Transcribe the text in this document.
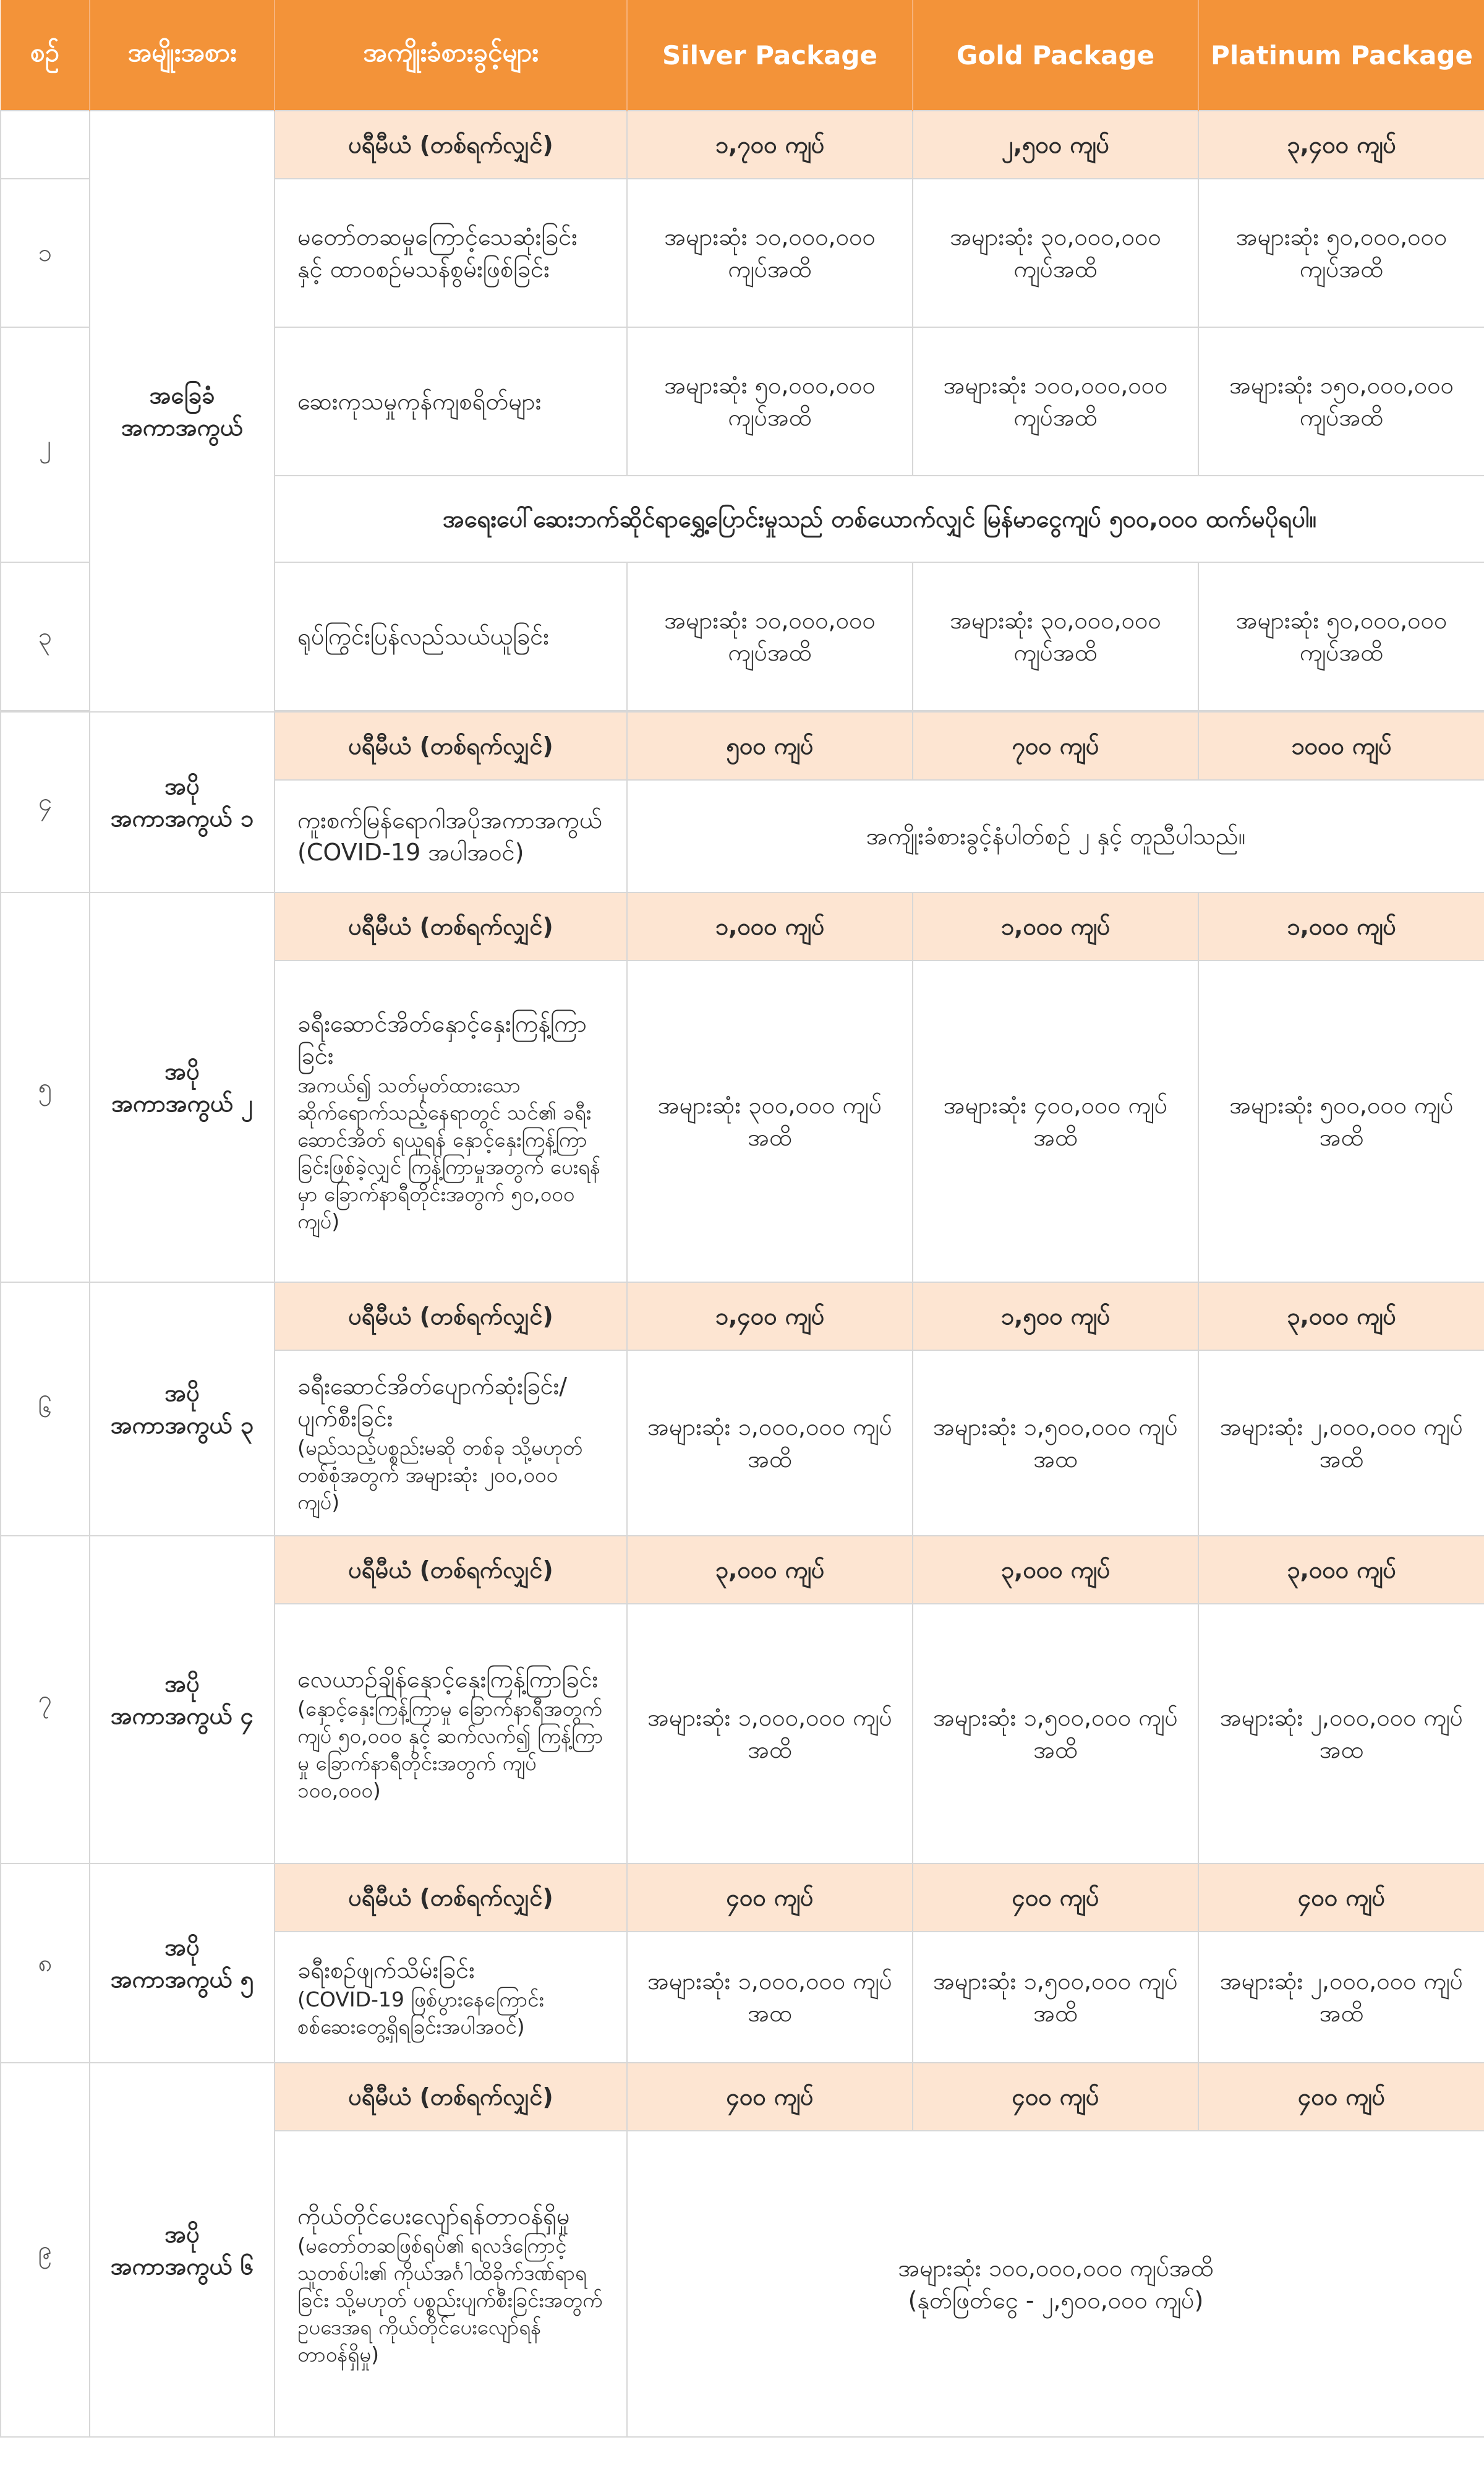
စဉ်	အမျိုးအစား	အကျိုးခံစားခွင့်များ	Silver Package	Gold Package	Platinum Package
	အခြေခံအကာအကွယ်	ပရီမီယံ (တစ်ရက်လျှင်)	၁,၇၀၀ ကျပ်	၂,၅၀၀ ကျပ်	၃,၄၀၀ ကျပ်
၁		မတော်တဆမှုကြောင့်သေဆုံးခြင်း နှင့် ထာဝစဉ်မသန်စွမ်းဖြစ်ခြင်း	အများဆုံး ၁၀,၀၀၀,၀၀၀ ကျပ်အထိ	အများဆုံး ၃၀,၀၀၀,၀၀၀ ကျပ်အထိ	အများဆုံး ၅၀,၀၀၀,၀၀၀ ကျပ်အထိ
၂		ဆေးကုသမှုကုန်ကျစရိတ်များ	အများဆုံး ၅၀,၀၀၀,၀၀၀ ကျပ်အထိ	အများဆုံး ၁၀၀,၀၀၀,၀၀၀ ကျပ်အထိ	အများဆုံး ၁၅၀,၀၀၀,၀၀၀ ကျပ်အထိ
		အရေးပေါ်ဆေးဘက်ဆိုင်ရာရွှေ့ပြောင်းမှုသည် တစ်ယောက်လျှင် မြန်မာငွေကျပ် ၅၀၀,၀၀၀ ထက်မပိုရပါ။			
၃		ရုပ်ကြွင်းပြန်လည်သယ်ယူခြင်း	အများဆုံး ၁၀,၀၀၀,၀၀၀ ကျပ်အထိ	အများဆုံး ၃၀,၀၀၀,၀၀၀ ကျပ်အထိ	အများဆုံး ၅၀,၀၀၀,၀၀၀ ကျပ်အထိ

၄	အပိုအကာအကွယ် ၁	ပရီမီယံ (တစ်ရက်လျှင်)	၅၀၀ ကျပ်	၇၀၀ ကျပ်	၁၀၀၀ ကျပ်
		ကူးစက်မြန်ရောဂါအပိုအကာအကွယ် (COVID-19 အပါအဝင်)	အကျိုးခံစားခွင့်နံပါတ်စဉ် ၂ နှင့် တူညီပါသည်။		
၅	အပိုအကာအကွယ် ၂	ပရီမီယံ (တစ်ရက်လျှင်)	၁,၀၀၀ ကျပ်	၁,၀၀၀ ကျပ်	၁,၀၀၀ ကျပ်
		ခရီးဆောင်အိတ်နှောင့်နှေးကြန့်ကြာခြင်း
အကယ်၍ သတ်မှတ်ထားသော ဆိုက်ရောက်သည့်နေရာတွင် သင်၏ ခရီးဆောင်အိတ် ရယူရန် နှောင့်နှေးကြန့်ကြာခြင်းဖြစ်ခဲ့လျှင် ကြန့်ကြာမှုအတွက် ပေးရန်မှာ ခြောက်နာရီတိုင်းအတွက် ၅၀,၀၀၀ ကျပ်)	အများဆုံး ၃၀၀,၀၀၀ ကျပ်အထိ	အများဆုံး ၄၀၀,၀၀၀ ကျပ်အထိ	အများဆုံး ၅၀၀,၀၀၀ ကျပ်အထိ
၆	အပိုအကာအကွယ် ၃	ပရီမီယံ (တစ်ရက်လျှင်)	၁,၄၀၀ ကျပ်	၁,၅၀၀ ကျပ်	၃,၀၀၀ ကျပ်
		ခရီးဆောင်အိတ်ပျောက်ဆုံးခြင်း/ပျက်စီးခြင်း
(မည်သည့်ပစ္စည်းမဆို တစ်ခု သို့မဟုတ် တစ်စုံအတွက် အများဆုံး ၂၀၀,၀၀၀ ကျပ်)	အများဆုံး ၁,၀၀၀,၀၀၀ ကျပ်အထိ	အများဆုံး ၁,၅၀၀,၀၀၀ ကျပ်အထ	အများဆုံး ၂,၀၀၀,၀၀၀ ကျပ်အထိ
၇	အပိုအကာအကွယ် ၄	ပရီမီယံ (တစ်ရက်လျှင်)	၃,၀၀၀ ကျပ်	၃,၀၀၀ ကျပ်	၃,၀၀၀ ကျပ်
		လေယာဉ်ချိန်နှောင့်နှေးကြန့်ကြာခြင်း
(နှောင့်နှေးကြန့်ကြာမှု ခြောက်နာရီအတွက် ကျပ် ၅၀,၀၀၀ နှင့် ဆက်လက်၍ ကြန့်ကြာမှု ခြောက်နာရီတိုင်းအတွက် ကျပ် ၁၀၀,၀၀၀)	အများဆုံး ၁,၀၀၀,၀၀၀ ကျပ်အထိ	အများဆုံး ၁,၅၀၀,၀၀၀ ကျပ်အထိ	အများဆုံး ၂,၀၀၀,၀၀၀ ကျပ်အထ
၈	အပိုအကာအကွယ် ၅	ပရီမီယံ (တစ်ရက်လျှင်)	၄၀၀ ကျပ်	၄၀၀ ကျပ်	၄၀၀ ကျပ်
		ခရီးစဉ်ဖျက်သိမ်းခြင်း
(COVID-19 ဖြစ်ပွားနေကြောင်း စစ်ဆေးတွေ့ရှိရခြင်းအပါအဝင်)	အများဆုံး ၁,၀၀၀,၀၀၀ ကျပ်အထ	အများဆုံး ၁,၅၀၀,၀၀၀ ကျပ်အထိ	အများဆုံး ၂,၀၀၀,၀၀၀ ကျပ်အထိ
၉	အပိုအကာအကွယ် ၆	ပရီမီယံ (တစ်ရက်လျှင်)	၄၀၀ ကျပ်	၄၀၀ ကျပ်	၄၀၀ ကျပ်
		ကိုယ်တိုင်ပေးလျော်ရန်တာဝန်ရှိမှု
(မတော်တဆဖြစ်ရပ်၏ ရလဒ်ကြောင့် သူတစ်ပါး၏ ကိုယ်အင်္ဂါထိခိုက်ဒဏ်ရာရခြင်း သို့မဟုတ် ပစ္စည်းပျက်စီးခြင်းအတွက် ဥပဒေအရ ကိုယ်တိုင်ပေးလျော်ရန် တာဝန်ရှိမှု)	အများဆုံး ၁၀၀,၀၀၀,၀၀၀ ကျပ်အထိ
(နုတ်ဖြတ်ငွေ - ၂,၅၀၀,၀၀၀ ကျပ်)		
